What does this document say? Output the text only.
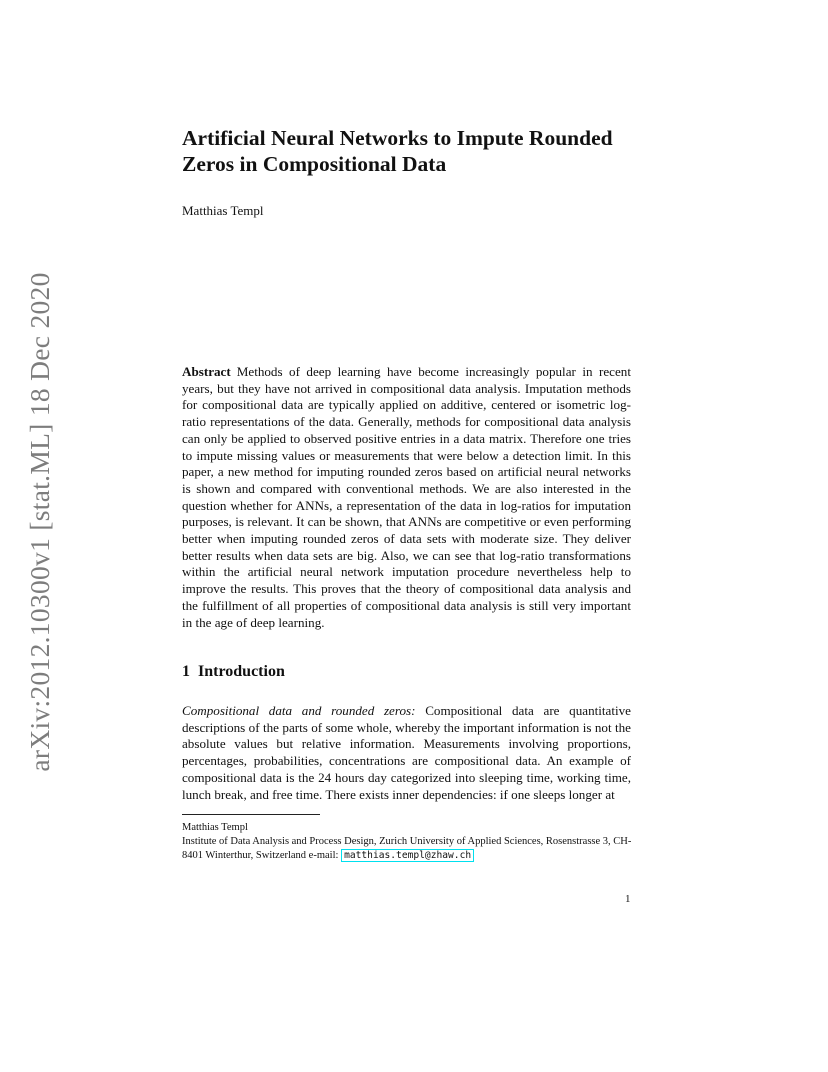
arXiv:2012.10300v1 [stat.ML] 18 Dec 2020
Artificial Neural Networks to Impute Rounded Zeros in Compositional Data
Matthias Templ
Abstract Methods of deep learning have become increasingly popular in recent years, but they have not arrived in compositional data analysis. Imputation methods for compositional data are typically applied on additive, centered or isometric log-ratio representations of the data. Generally, methods for compositional data analysis can only be applied to observed positive entries in a data matrix. Therefore one tries to impute missing values or measurements that were below a detection limit. In this paper, a new method for imputing rounded zeros based on artificial neural networks is shown and compared with conventional methods. We are also interested in the question whether for ANNs, a representation of the data in log-ratios for imputation purposes, is relevant. It can be shown, that ANNs are competitive or even performing better when imputing rounded zeros of data sets with moderate size. They deliver better results when data sets are big. Also, we can see that log-ratio transformations within the artificial neural network imputation procedure nevertheless help to improve the results. This proves that the theory of compositional data analysis and the fulfillment of all properties of compositional data analysis is still very important in the age of deep learning.
1 Introduction
Compositional data and rounded zeros: Compositional data are quantitative descriptions of the parts of some whole, whereby the important information is not the absolute values but relative information. Measurements involving proportions, percentages, probabilities, concentrations are compositional data. An example of compositional data is the 24 hours day categorized into sleeping time, working time, lunch break, and free time. There exists inner dependencies: if one sleeps longer at
Matthias Templ
Institute of Data Analysis and Process Design, Zurich University of Applied Sciences, Rosenstrasse 3, CH-8401 Winterthur, Switzerland e-mail: matthias.templ@zhaw.ch
1
